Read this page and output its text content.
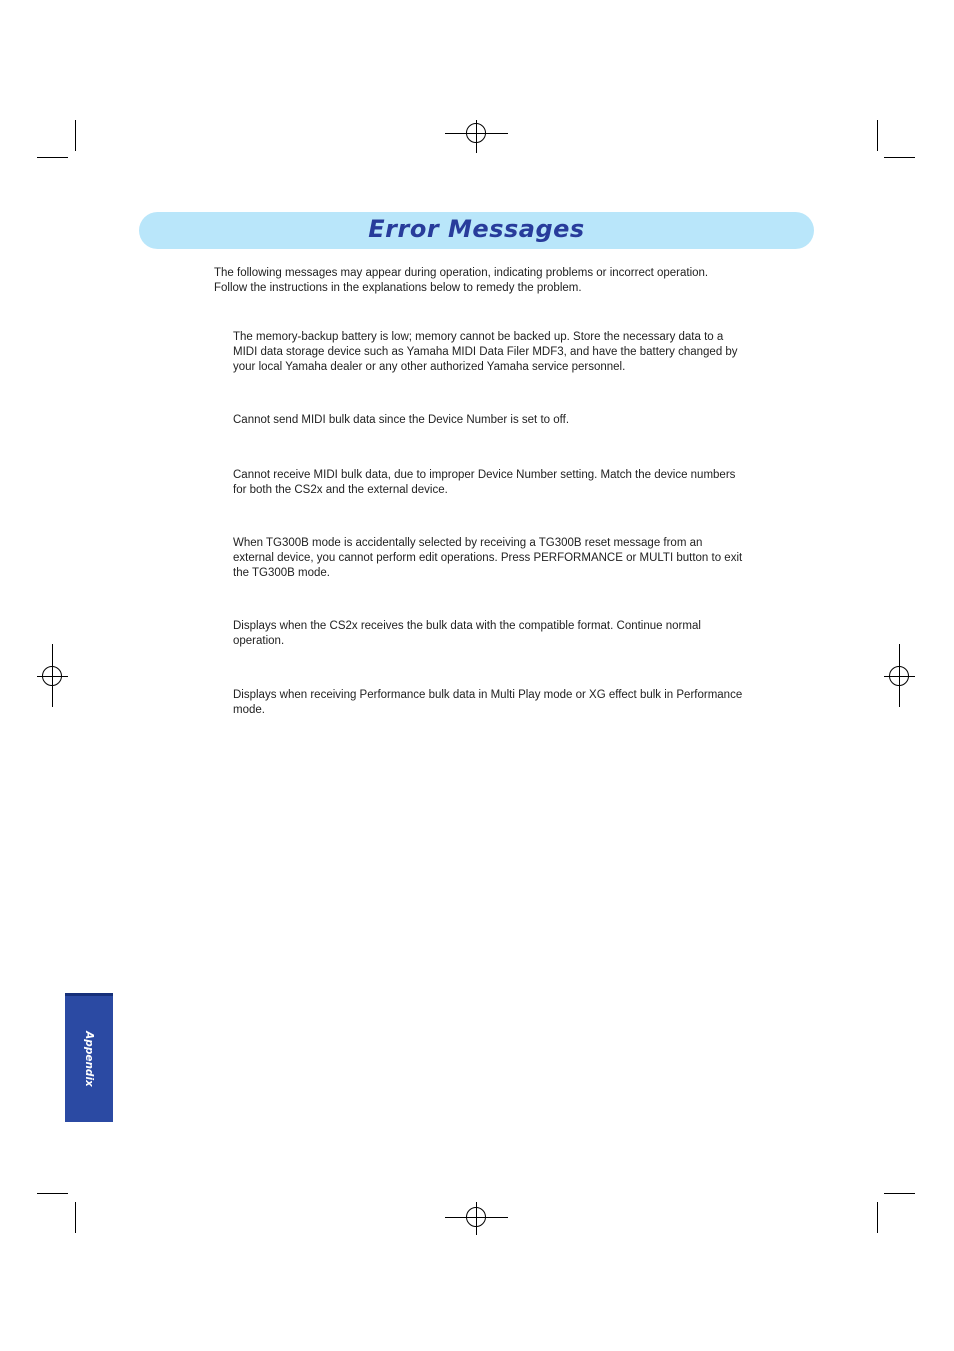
Error Messages

The following messages may appear during operation, indicating problems or incorrect operation.
Follow the instructions in the explanations below to remedy the problem.

The memory-backup battery is low; memory cannot be backed up. Store the necessary data to a MIDI data storage device such as Yamaha MIDI Data Filer MDF3, and have the battery changed by your local Yamaha dealer or any other authorized Yamaha service personnel.

Cannot send MIDI bulk data since the Device Number is set to off.

Cannot receive MIDI bulk data, due to improper Device Number setting. Match the device numbers for both the CS2x and the external device.

When TG300B mode is accidentally selected by receiving a TG300B reset message from an external device, you cannot perform edit operations. Press PERFORMANCE or MULTI button to exit the TG300B mode.

Displays when the CS2x receives the bulk data with the compatible format. Continue normal operation.

Displays when receiving Performance bulk data in Multi Play mode or XG effect bulk in Performance mode.

Appendix
